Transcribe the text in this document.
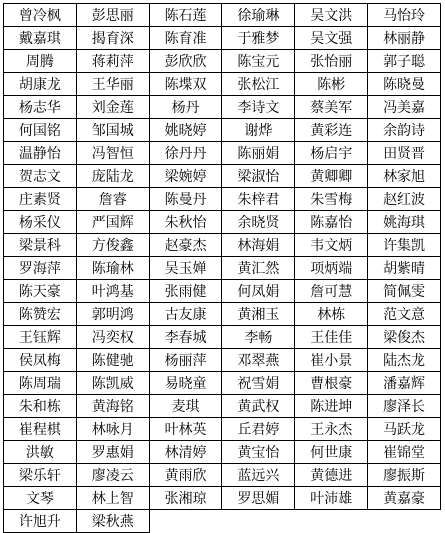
曾冷枫	彭思丽	陈石莲	徐瑜琳	吴文洪	马怡玲
戴嘉琪	揭育深	陈育准	于雅梦	吴文强	林丽静
周腾	蒋莉萍	彭欣欣	陈宝元	张怡丽	郭子聪
胡康龙	王华丽	陈堞双	张松江	陈彬	陈晓曼
杨志华	刘金莲	杨丹	李诗文	蔡美军	冯美嘉
何国铭	邹国城	姚晓婷	谢烨	黄彩连	余韵诗
温静怡	冯智恒	徐丹丹	陈丽娟	杨启宇	田贤晋
贺志文	庞陆龙	梁婉婷	梁淑怡	黄卿卿	林家旭
庄素贤	詹睿	陈曼丹	朱梓君	朱雪梅	赵红波
杨采仪	严国辉	朱秋怡	余晓贤	陈嘉怡	姚海琪
梁景科	方俊鑫	赵豪杰	林海娟	韦文炳	许集凯
罗海萍	陈瑜林	吴玉婵	黄汇然	项炳端	胡紫晴
陈天豪	叶鸿基	张雨健	何凤娟	詹可慧	简佩雯
陈赞宏	郭明鸿	古友康	黄湘玉	林栋	范文意
王钰辉	冯奕权	李春城	李畅	王佳佳	梁俊杰
侯凤梅	陈健驰	杨丽萍	邓翠燕	崔小景	陆杰龙
陈周瑞	陈凯威	易晓童	祝雪娟	曹根豪	潘嘉辉
朱和栋	黄海铭	麦琪	黄武权	陈进坤	廖泽长
崔程棋	林咏月	叶林英	丘君婷	王永杰	马跃龙
洪敏	罗惠娟	林清婷	黄宝怡	何世康	崔锦堂
梁乐轩	廖凌云	黄雨欣	蓝远兴	黄德进	廖振斯
文琴	林上智	张湘琼	罗思媚	叶沛雄	黄嘉豪
许旭升	梁秋燕				
